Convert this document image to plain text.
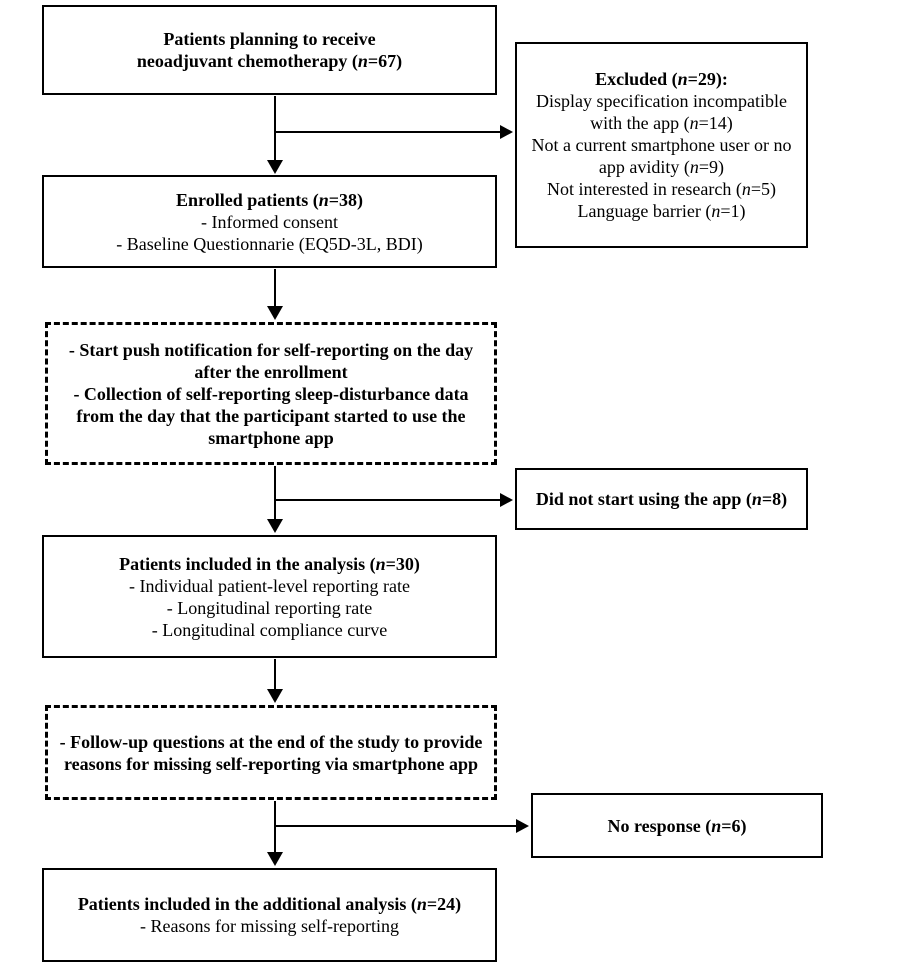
Patients planning to receive
neoadjuvant chemotherapy (n=67)
Excluded (n=29):
Display specification incompatible
with the app (n=14)
Not a current smartphone user or no
app avidity (n=9)
Not interested in research (n=5)
Language barrier (n=1)
Enrolled patients (n=38)
- Informed consent
- Baseline Questionnarie (EQ5D-3L, BDI)
- Start push notification for self-reporting on the day
after the enrollment
- Collection of self-reporting sleep-disturbance data
from the day that the participant started to use the
smartphone app
Did not start using the app (n=8)
Patients included in the analysis (n=30)
- Individual patient-level reporting rate
- Longitudinal reporting rate
- Longitudinal compliance curve
- Follow-up questions at the end of the study to provide
reasons for missing self-reporting via smartphone app
No response (n=6)
Patients included in the additional analysis (n=24)
- Reasons for missing self-reporting
